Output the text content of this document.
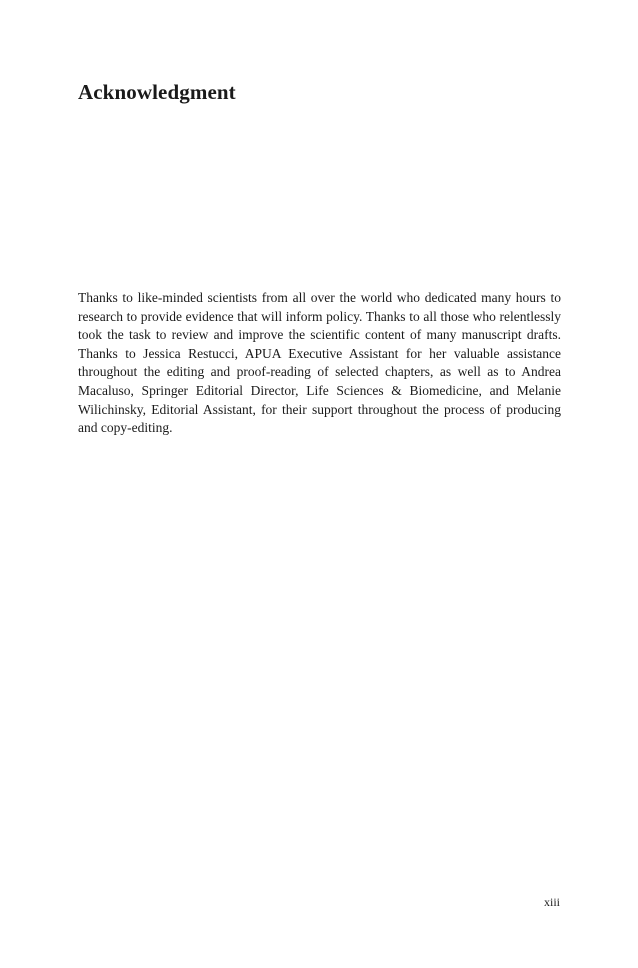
Acknowledgment

Thanks to like-minded scientists from all over the world who dedicated many hours to research to provide evidence that will inform policy. Thanks to all those who relentlessly took the task to review and improve the scientific content of many manuscript drafts. Thanks to Jessica Restucci, APUA Executive Assistant for her valuable assistance throughout the editing and proof-reading of selected chapters, as well as to Andrea Macaluso, Springer Editorial Director, Life Sciences & Biomedicine, and Melanie Wilichinsky, Editorial Assistant, for their support throughout the process of producing and copy-editing.

xiii
